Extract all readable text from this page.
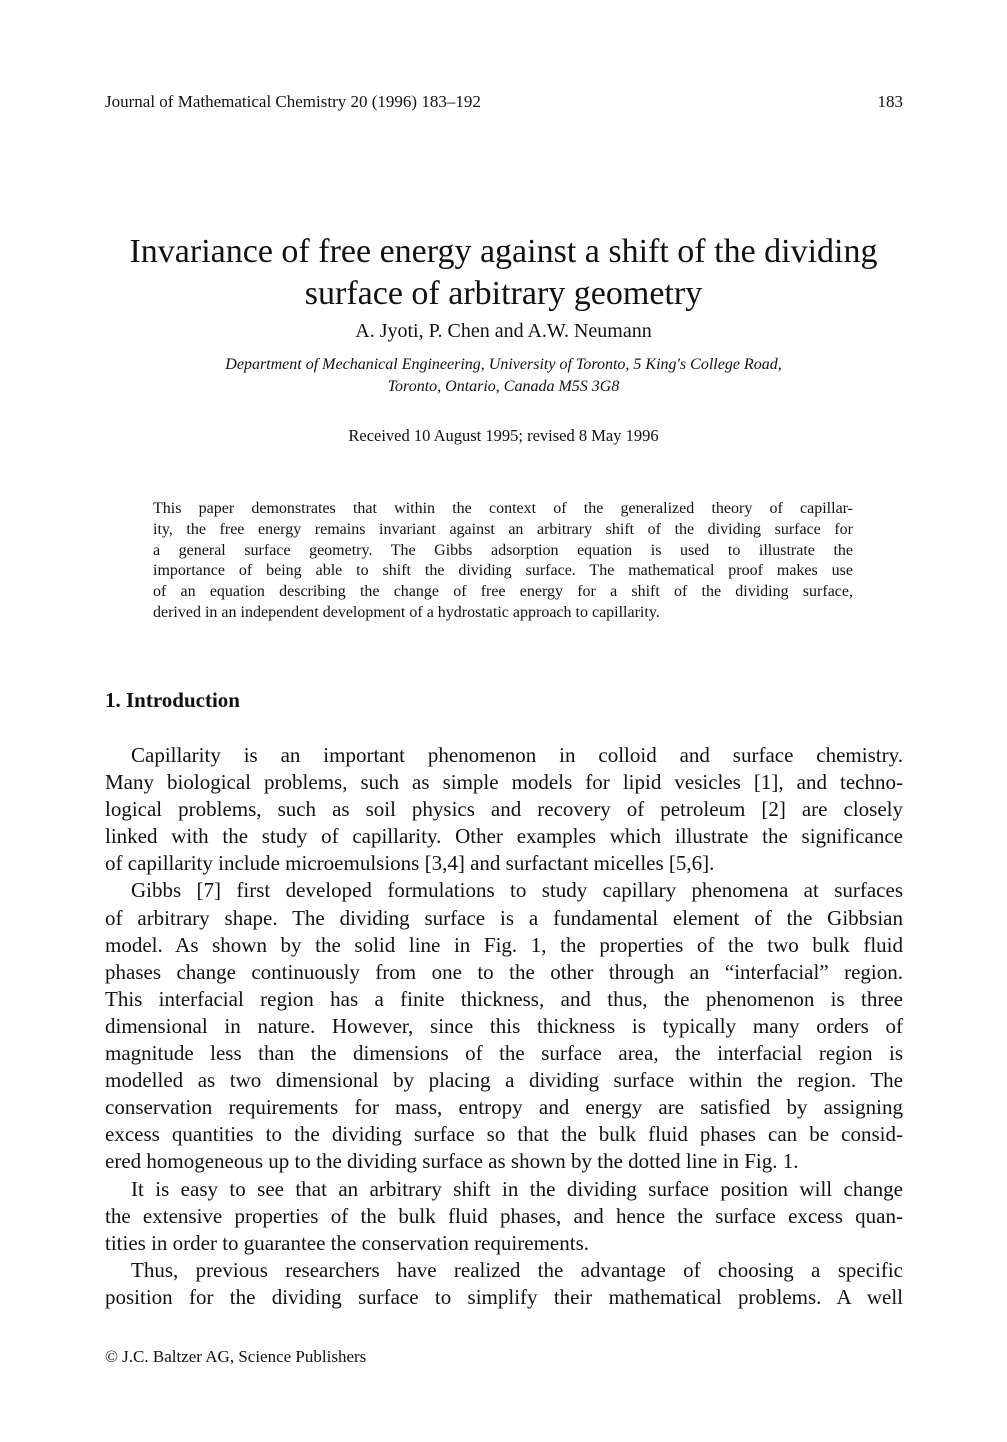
Journal of Mathematical Chemistry 20 (1996) 183–192	183
Invariance of free energy against a shift of the dividing
surface of arbitrary geometry
A. Jyoti, P. Chen and A.W. Neumann
Department of Mechanical Engineering, University of Toronto, 5 King's College Road,
Toronto, Ontario, Canada M5S 3G8
Received 10 August 1995; revised 8 May 1996
This paper demonstrates that within the context of the generalized theory of capillar-
ity, the free energy remains invariant against an arbitrary shift of the dividing surface for
a general surface geometry. The Gibbs adsorption equation is used to illustrate the
importance of being able to shift the dividing surface. The mathematical proof makes use
of an equation describing the change of free energy for a shift of the dividing surface,
derived in an independent development of a hydrostatic approach to capillarity.
1. Introduction
Capillarity is an important phenomenon in colloid and surface chemistry.
Many biological problems, such as simple models for lipid vesicles [1], and techno-
logical problems, such as soil physics and recovery of petroleum [2] are closely
linked with the study of capillarity. Other examples which illustrate the significance
of capillarity include microemulsions [3,4] and surfactant micelles [5,6].
Gibbs [7] first developed formulations to study capillary phenomena at surfaces
of arbitrary shape. The dividing surface is a fundamental element of the Gibbsian
model. As shown by the solid line in Fig. 1, the properties of the two bulk fluid
phases change continuously from one to the other through an “interfacial” region.
This interfacial region has a finite thickness, and thus, the phenomenon is three
dimensional in nature. However, since this thickness is typically many orders of
magnitude less than the dimensions of the surface area, the interfacial region is
modelled as two dimensional by placing a dividing surface within the region. The
conservation requirements for mass, entropy and energy are satisfied by assigning
excess quantities to the dividing surface so that the bulk fluid phases can be consid-
ered homogeneous up to the dividing surface as shown by the dotted line in Fig. 1.
It is easy to see that an arbitrary shift in the dividing surface position will change
the extensive properties of the bulk fluid phases, and hence the surface excess quan-
tities in order to guarantee the conservation requirements.
Thus, previous researchers have realized the advantage of choosing a specific
position for the dividing surface to simplify their mathematical problems. A well
© J.C. Baltzer AG, Science Publishers
